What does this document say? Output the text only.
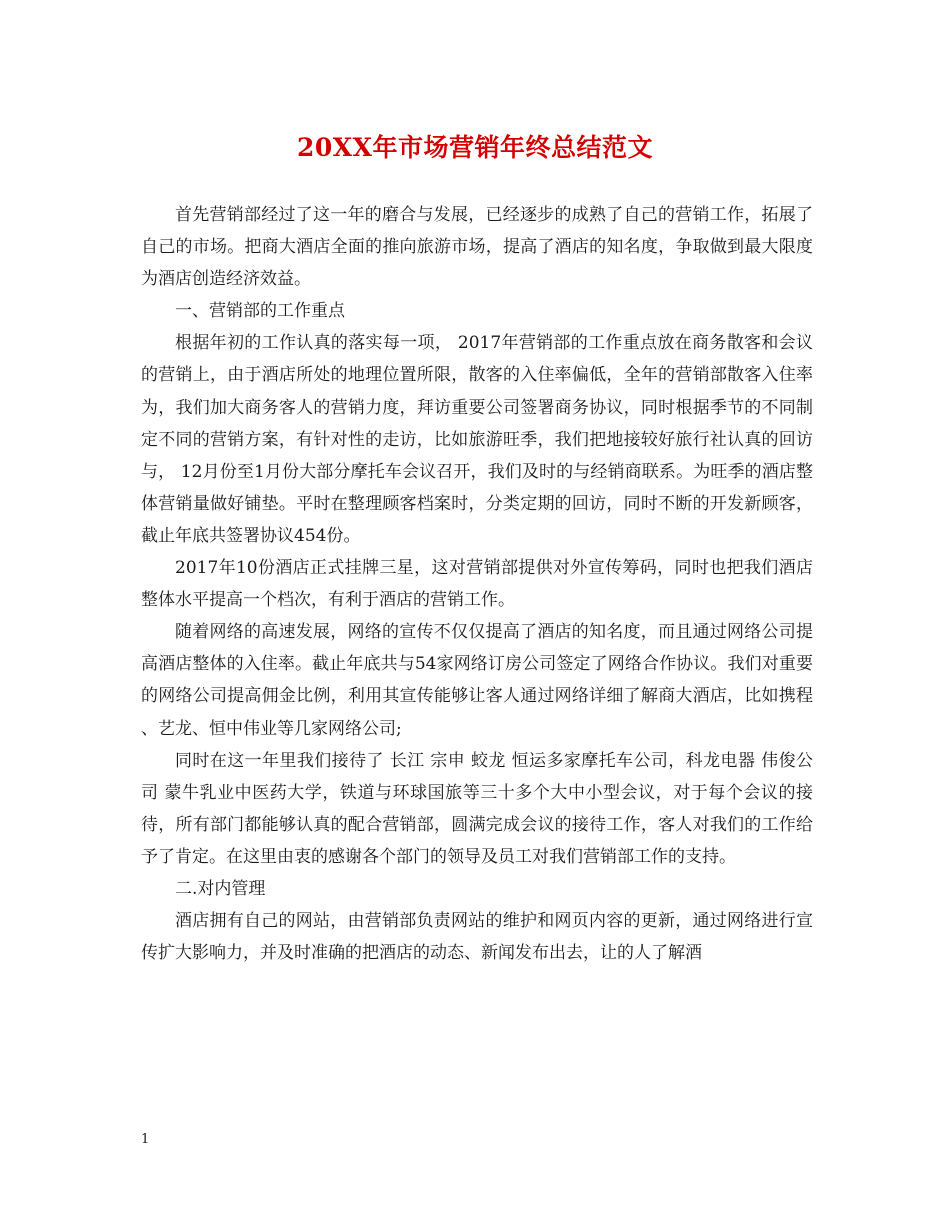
20XX年市场营销年终总结范文

首先营销部经过了这一年的磨合与发展，已经逐步的成熟了自己的营销工作，拓展了自己的市场。把商大酒店全面的推向旅游市场，提高了酒店的知名度，争取做到最大限度为酒店创造经济效益。

一、营销部的工作重点

根据年初的工作认真的落实每一项， 2017年营销部的工作重点放在商务散客和会议的营销上，由于酒店所处的地理位置所限，散客的入住率偏低，全年的营销部散客入住率为，我们加大商务客人的营销力度，拜访重要公司签署商务协议，同时根据季节的不同制定不同的营销方案，有针对性的走访，比如旅游旺季，我们把地接较好旅行社认真的回访与， 12月份至1月份大部分摩托车会议召开，我们及时的与经销商联系。为旺季的酒店整体营销量做好铺垫。平时在整理顾客档案时，分类定期的回访，同时不断的开发新顾客，截止年底共签署协议454份。

2017年10份酒店正式挂牌三星，这对营销部提供对外宣传筹码，同时也把我们酒店整体水平提高一个档次，有利于酒店的营销工作。

随着网络的高速发展，网络的宣传不仅仅提高了酒店的知名度，而且通过网络公司提高酒店整体的入住率。截止年底共与54家网络订房公司签定了网络合作协议。我们对重要的网络公司提高佣金比例，利用其宣传能够让客人通过网络详细了解商大酒店，比如携程 、艺龙、恒中伟业等几家网络公司;

同时在这一年里我们接待了 长江 宗申 蛟龙 恒运多家摩托车公司，科龙电器 伟俊公司 蒙牛乳业中医药大学，铁道与环球国旅等三十多个大中小型会议，对于每个会议的接待，所有部门都能够认真的配合营销部，圆满完成会议的接待工作，客人对我们的工作给予了肯定。在这里由衷的感谢各个部门的领导及员工对我们营销部工作的支持。

二.对内管理

酒店拥有自己的网站，由营销部负责网站的维护和网页内容的更新，通过网络进行宣传扩大影响力，并及时准确的把酒店的动态、新闻发布出去，让的人了解酒

1
